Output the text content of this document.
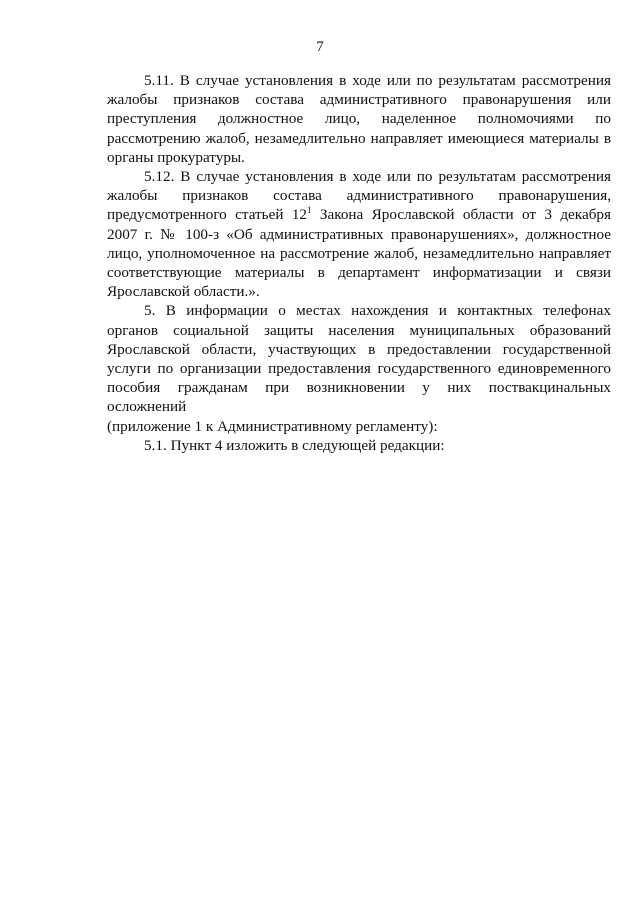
7
5.11. В случае установления в ходе или по результатам рассмотрения
жалобы признаков состава административного правонарушения или
преступления должностное лицо, наделенное полномочиями по
рассмотрению жалоб, незамедлительно направляет имеющиеся материалы в
органы прокуратуры.
5.12. В случае установления в ходе или по результатам рассмотрения
жалобы признаков состава административного правонарушения,
предусмотренного статьей $12^1$ Закона Ярославской области от 3 декабря
2007 г. № 100-з «Об административных правонарушениях», должностное
лицо, уполномоченное на рассмотрение жалоб, незамедлительно направляет
соответствующие материалы в департамент информатизации и связи
Ярославской области.».
5. В информации о местах нахождения и контактных телефонах
органов социальной защиты населения муниципальных образований
Ярославской области, участвующих в предоставлении государственной
услуги по организации предоставления государственного единовременного
пособия гражданам при возникновении у них поствакцинальных осложнений
(приложение 1 к Административному регламенту):
5.1. Пункт 4 изложить в следующей редакции:
